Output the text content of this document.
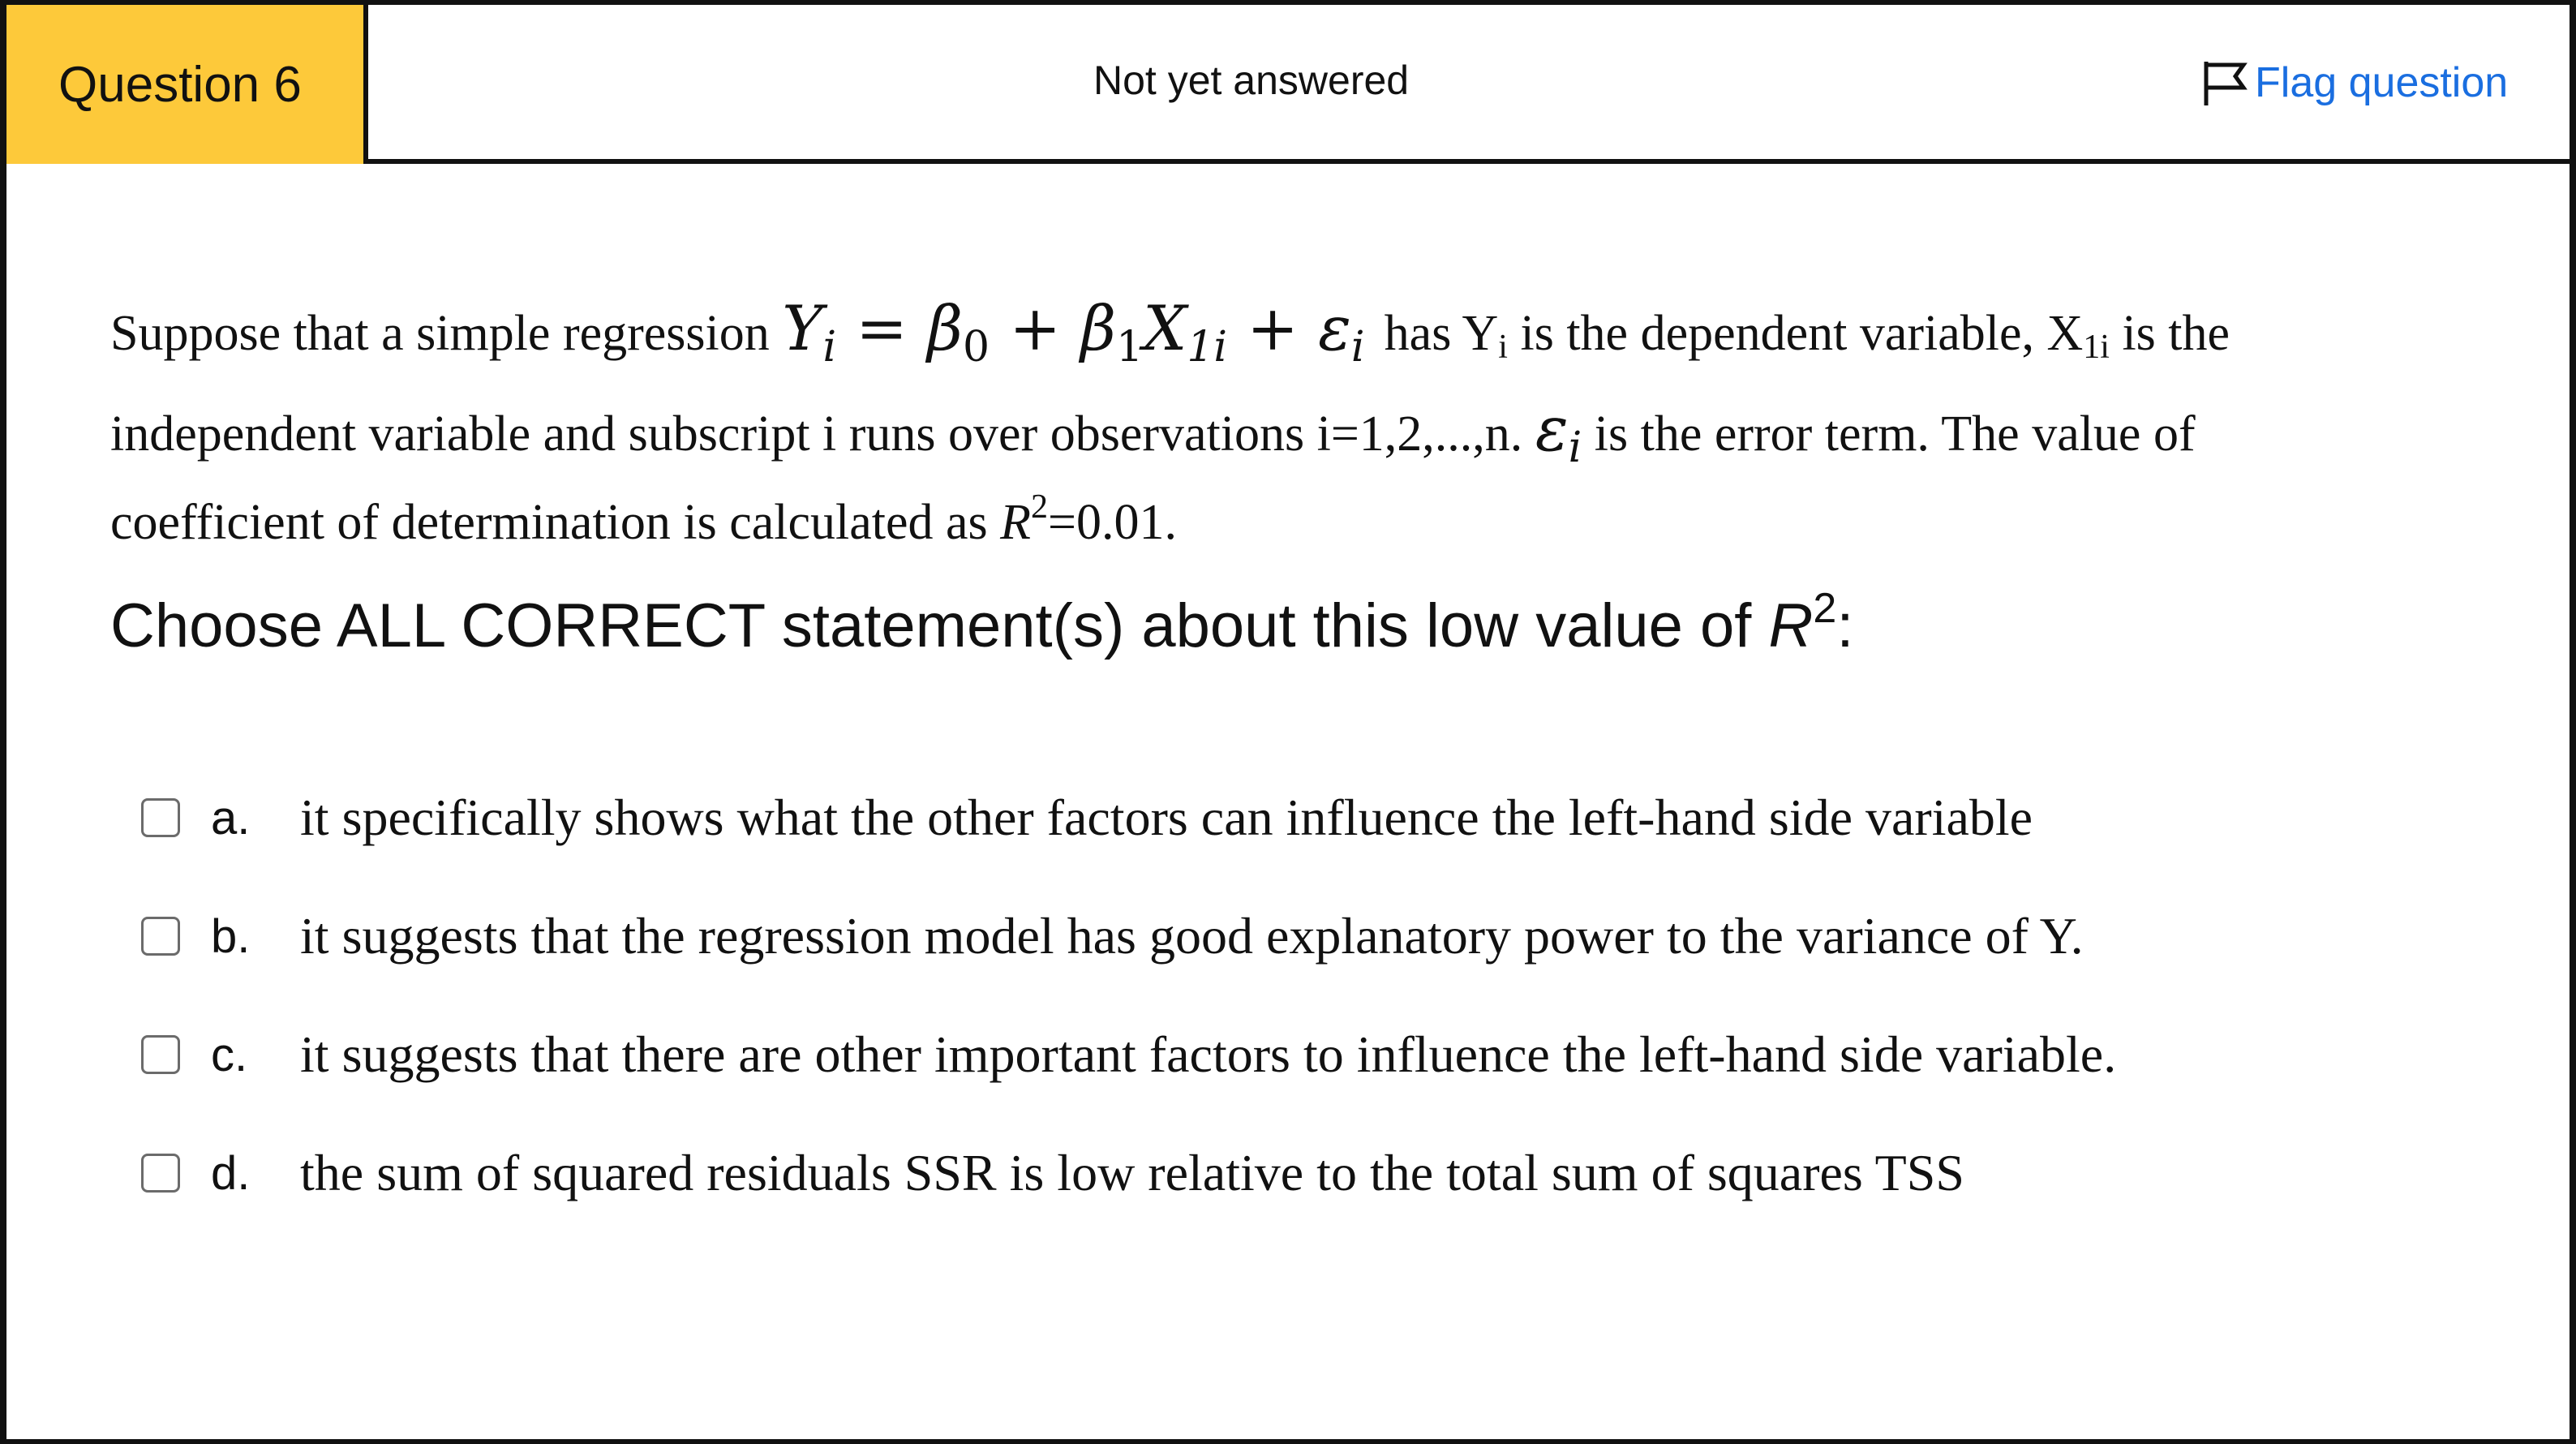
Question 6	Not yet answered	Flag question

Suppose that a simple regression $Y_i = \beta_0 + \beta_1X_{1i} + \varepsilon_i$ has Yi is the dependent variable, X1i is the

independent variable and subscript i runs over observations i=1,2,...,n. $\varepsilon_i$ is the error term. The value of

coefficient of determination is calculated as $R^2=0.01$.

Choose ALL CORRECT statement(s) about this low value of $R^2$:
a. it specifically shows what the other factors can influence the left-hand side variable
b. it suggests that the regression model has good explanatory power to the variance of Y.
c.	it suggests that there are other important factors to influence the left-hand side variable.
d. the sum of squared residuals SSR is low relative to the total sum of squares TSS
